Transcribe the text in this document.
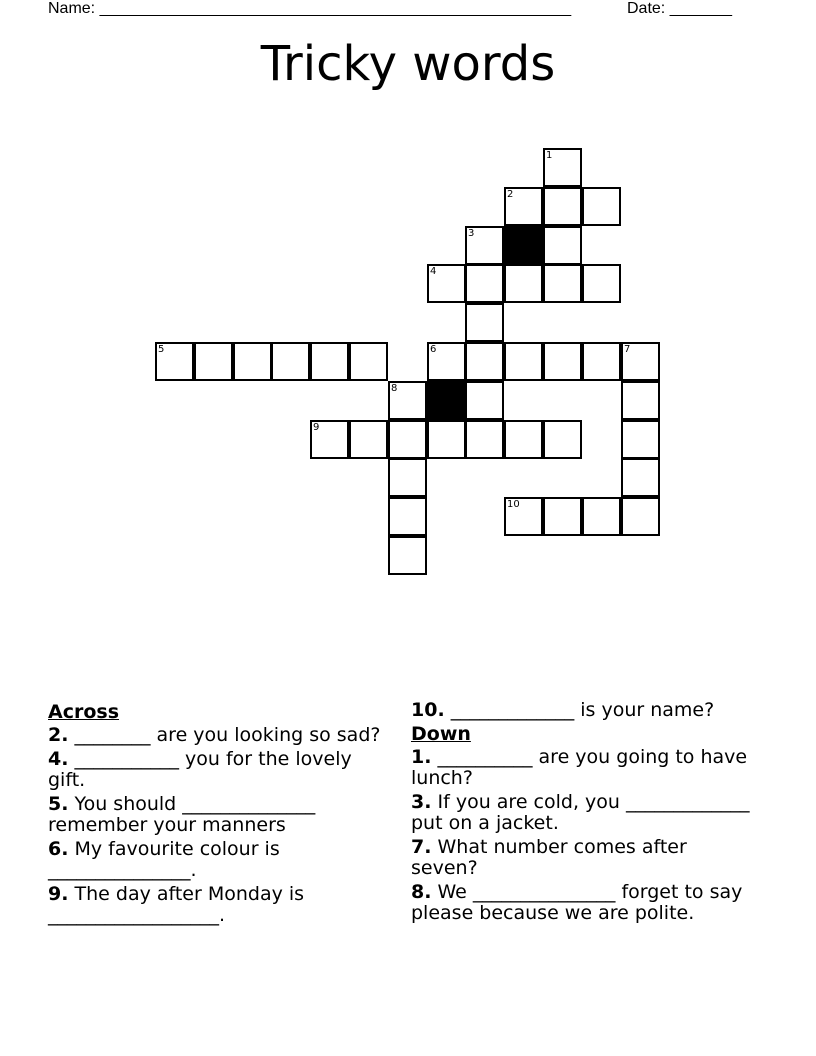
Name: _____________________________________________________

	Date: _______

Tricky words
1
2
3
4
5	6	7
8
9
10
Across
2. ________ are you looking so sad?
4. ___________ you for the lovely gift.
5. You should ______________ remember your manners
6. My favourite colour is _______________.
9. The day after Monday is __________________.
10. _____________ is your name?
Down
1. __________ are you going to have lunch?
3. If you are cold, you _____________ put on a jacket.
7. What number comes after seven?
8. We _______________ forget to say please because we are polite.
